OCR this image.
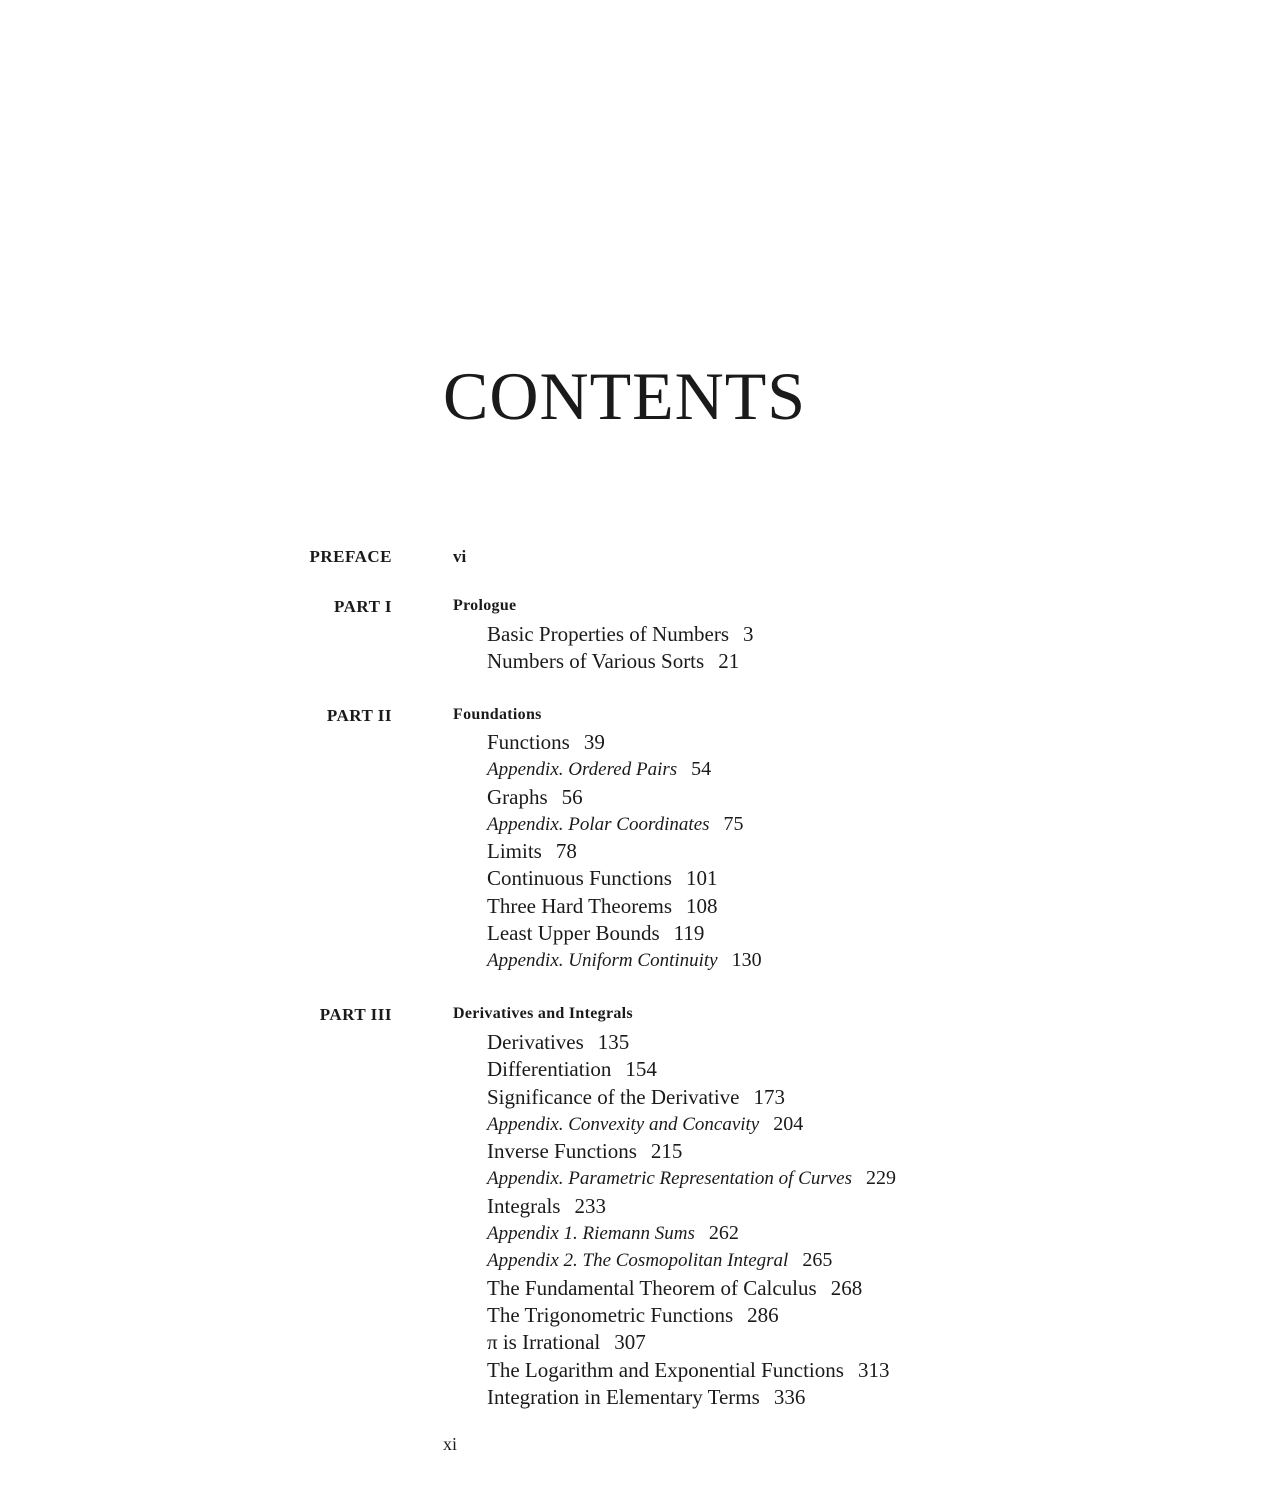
CONTENTS
PREFACE	vi
PART I	Prologue
Basic Properties of Numbers 3
Numbers of Various Sorts 21
PART II	Foundations
Functions 39
Appendix. Ordered Pairs 54
Graphs 56
Appendix. Polar Coordinates 75
Limits 78
Continuous Functions 101
Three Hard Theorems 108
Least Upper Bounds 119
Appendix. Uniform Continuity 130
PART III	Derivatives and Integrals
Derivatives 135
Differentiation 154
Significance of the Derivative 173
Appendix. Convexity and Concavity 204
Inverse Functions 215
Appendix. Parametric Representation of Curves 229
Integrals 233
Appendix 1. Riemann Sums 262
Appendix 2. The Cosmopolitan Integral 265
The Fundamental Theorem of Calculus 268
The Trigonometric Functions 286
π is Irrational 307
The Logarithm and Exponential Functions 313
Integration in Elementary Terms 336
xi
